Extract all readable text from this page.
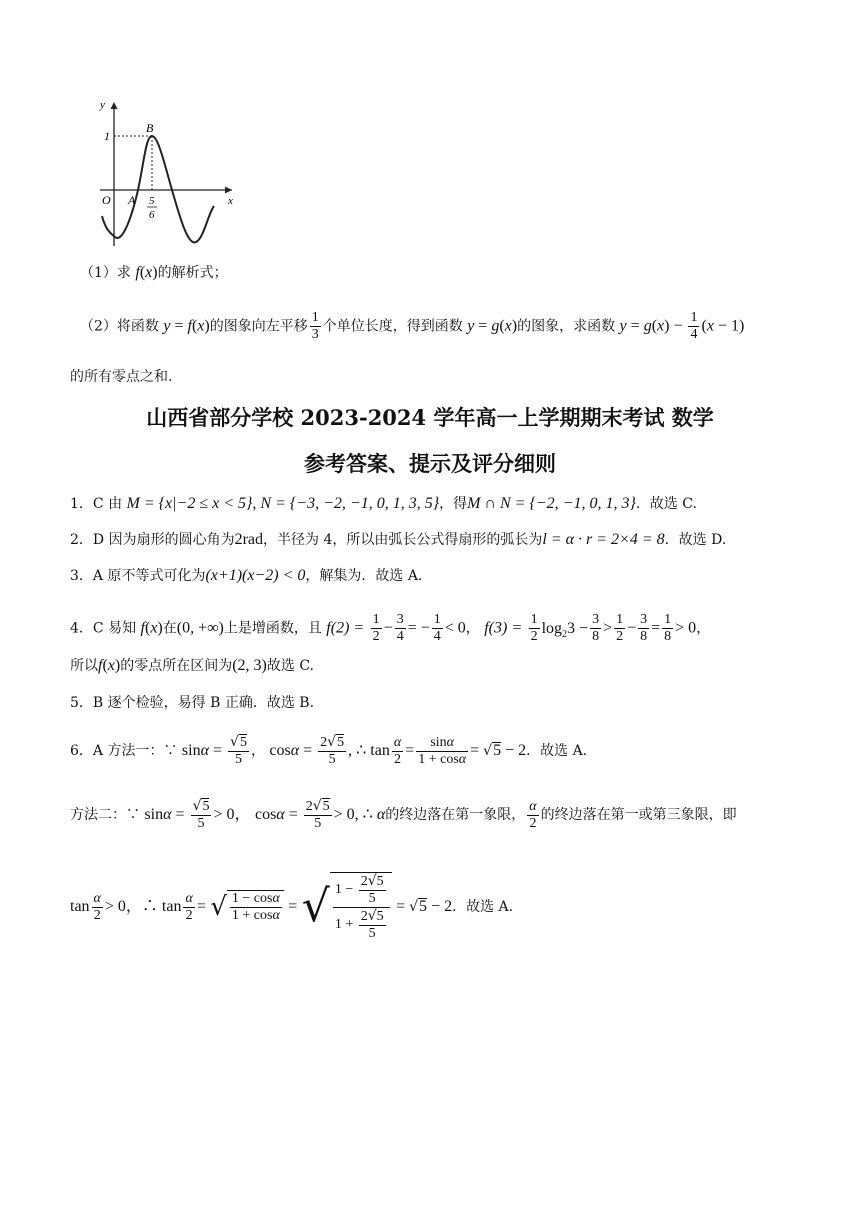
y
x
O A
B
1
5
6
（1）求 f(x)的解析式；
（2）将函数 y = f(x)的图象向左平移 $\frac{1}{3}$ 个单位长度，得到函数 y = g(x)的图象，求函数 $y = g(x) - \frac{1}{4} (x - 1)$
的所有零点之和.
山西省部分学校 2023-2024 学年高一上学期期末考试 数学
参考答案、提示及评分细则
1．C 由 M = {x|−2 ≤ x < 5}, N = {−3, −2, −1, 0, 1, 3, 5}，得M ∩ N = {−2, −1, 0, 1, 3}．故选 C.
2．D 因为扇形的圆心角为2rad，半径为 4，所以由弧长公式得扇形的弧长为l = α · r = 2×4 = 8．故选 D.
3．A 原不等式可化为(x+1)(x−2) < 0，解集为．故选 A.
4．C 易知 f(x)在(0, +∞)上是增函数，且 $f(2) = \frac{1}{2} - \frac{3}{4}$ = − $\frac{1}{4} < 0$， $f(3) = \frac{1}{2} \log_23 - \frac{3}{8} > \frac{1}{2} - \frac{3}{8} = \frac{1}{8} > 0$，
所以f(x)的零点所在区间为(2, 3)故选 C.
5．B 逐个检验，易得 B 正确．故选 B.
6．A 方法一：∵ $\sin\alpha = \frac{√5}{5}$ ， $\cos\alpha = \frac{2√5}{5}$ , ∴ $\tan \frac{\alpha}{2} = \frac{\sin\alpha}{1 + \cos\alpha} = √5 - 2$．故选 A.
方法二：∵ $\sin\alpha = \frac{√5}{5} > 0$， $\cos\alpha = \frac{2√5}{5} > 0$, ∴ α的终边落在第一象限， $\frac{\alpha}{2}$ 的终边落在第一或第三象限，即
$\tan \frac{\alpha}{2} > 0$，∴ $\tan \frac{\alpha}{2}$ = √ $\frac{1 - \cos\alpha}{1 + \cos\alpha}$ = √ $\frac{1 - \frac{2√5}{5}}{1 + \frac{2√5}{5}} = √5 - 2$．故选 A.
